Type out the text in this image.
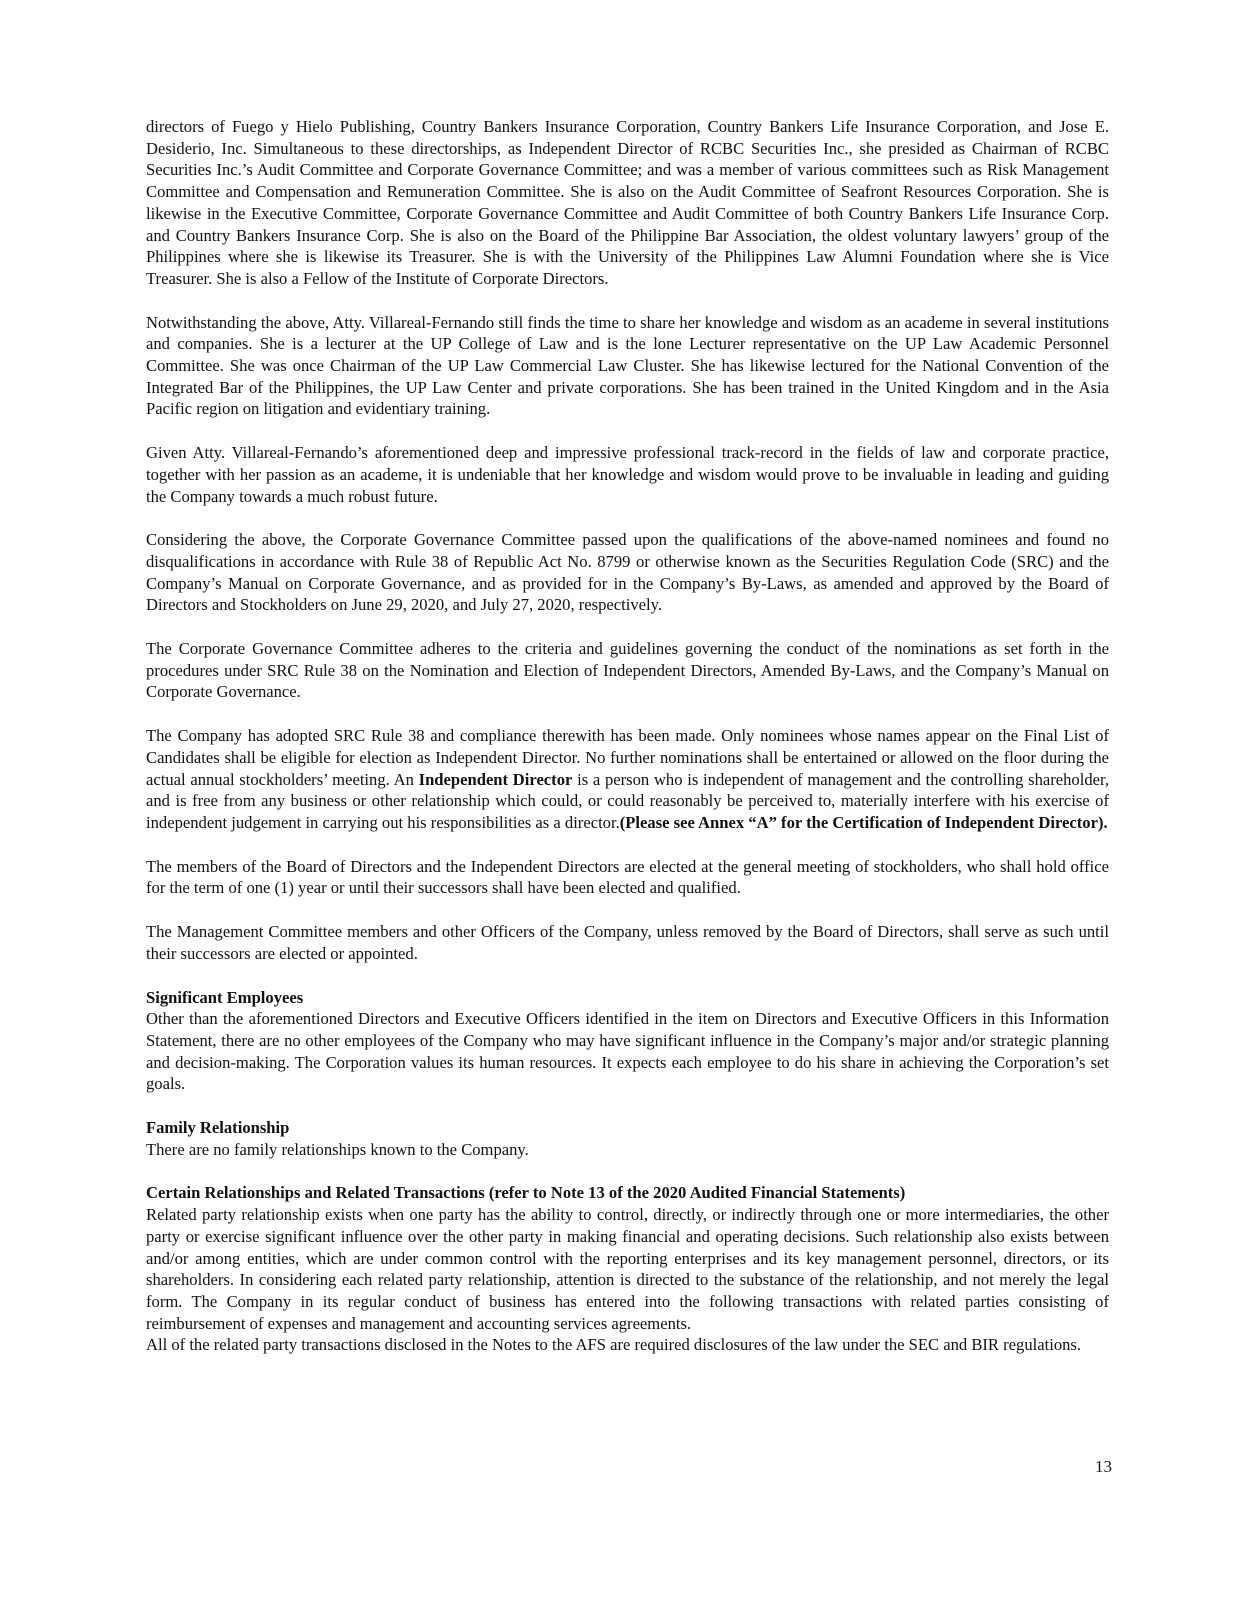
directors of Fuego y Hielo Publishing, Country Bankers Insurance Corporation, Country Bankers Life Insurance Corporation, and Jose E. Desiderio, Inc. Simultaneous to these directorships, as Independent Director of RCBC Securities Inc., she presided as Chairman of RCBC Securities Inc.’s Audit Committee and Corporate Governance Committee; and was a member of various committees such as Risk Management Committee and Compensation and Remuneration Committee. She is also on the Audit Committee of Seafront Resources Corporation. She is likewise in the Executive Committee, Corporate Governance Committee and Audit Committee of both Country Bankers Life Insurance Corp. and Country Bankers Insurance Corp. She is also on the Board of the Philippine Bar Association, the oldest voluntary lawyers’ group of the Philippines where she is likewise its Treasurer. She is with the University of the Philippines Law Alumni Foundation where she is Vice Treasurer. She is also a Fellow of the Institute of Corporate Directors.

Notwithstanding the above, Atty. Villareal-Fernando still finds the time to share her knowledge and wisdom as an academe in several institutions and companies. She is a lecturer at the UP College of Law and is the lone Lecturer representative on the UP Law Academic Personnel Committee. She was once Chairman of the UP Law Commercial Law Cluster. She has likewise lectured for the National Convention of the Integrated Bar of the Philippines, the UP Law Center and private corporations. She has been trained in the United Kingdom and in the Asia Pacific region on litigation and evidentiary training.

Given Atty. Villareal-Fernando’s aforementioned deep and impressive professional track-record in the fields of law and corporate practice, together with her passion as an academe, it is undeniable that her knowledge and wisdom would prove to be invaluable in leading and guiding the Company towards a much robust future.

Considering the above, the Corporate Governance Committee passed upon the qualifications of the above-named nominees and found no disqualifications in accordance with Rule 38 of Republic Act No. 8799 or otherwise known as the Securities Regulation Code (SRC) and the Company’s Manual on Corporate Governance, and as provided for in the Company’s By-Laws, as amended and approved by the Board of Directors and Stockholders on June 29, 2020, and July 27, 2020, respectively.

The Corporate Governance Committee adheres to the criteria and guidelines governing the conduct of the nominations as set forth in the procedures under SRC Rule 38 on the Nomination and Election of Independent Directors, Amended By-Laws, and the Company’s Manual on Corporate Governance.

The Company has adopted SRC Rule 38 and compliance therewith has been made. Only nominees whose names appear on the Final List of Candidates shall be eligible for election as Independent Director. No further nominations shall be entertained or allowed on the floor during the actual annual stockholders’ meeting. An Independent Director is a person who is independent of management and the controlling shareholder, and is free from any business or other relationship which could, or could reasonably be perceived to, materially interfere with his exercise of independent judgement in carrying out his responsibilities as a director.(Please see Annex “A” for the Certification of Independent Director).

The members of the Board of Directors and the Independent Directors are elected at the general meeting of stockholders, who shall hold office for the term of one (1) year or until their successors shall have been elected and qualified.

The Management Committee members and other Officers of the Company, unless removed by the Board of Directors, shall serve as such until their successors are elected or appointed.

Significant Employees

Other than the aforementioned Directors and Executive Officers identified in the item on Directors and Executive Officers in this Information Statement, there are no other employees of the Company who may have significant influence in the Company’s major and/or strategic planning and decision-making. The Corporation values its human resources. It expects each employee to do his share in achieving the Corporation’s set goals.

Family Relationship

There are no family relationships known to the Company.

Certain Relationships and Related Transactions (refer to Note 13 of the 2020 Audited Financial Statements)

Related party relationship exists when one party has the ability to control, directly, or indirectly through one or more intermediaries, the other party or exercise significant influence over the other party in making financial and operating decisions. Such relationship also exists between and/or among entities, which are under common control with the reporting enterprises and its key management personnel, directors, or its shareholders. In considering each related party relationship, attention is directed to the substance of the relationship, and not merely the legal form. The Company in its regular conduct of business has entered into the following transactions with related parties consisting of reimbursement of expenses and management and accounting services agreements.

All of the related party transactions disclosed in the Notes to the AFS are required disclosures of the law under the SEC and BIR regulations.

13
